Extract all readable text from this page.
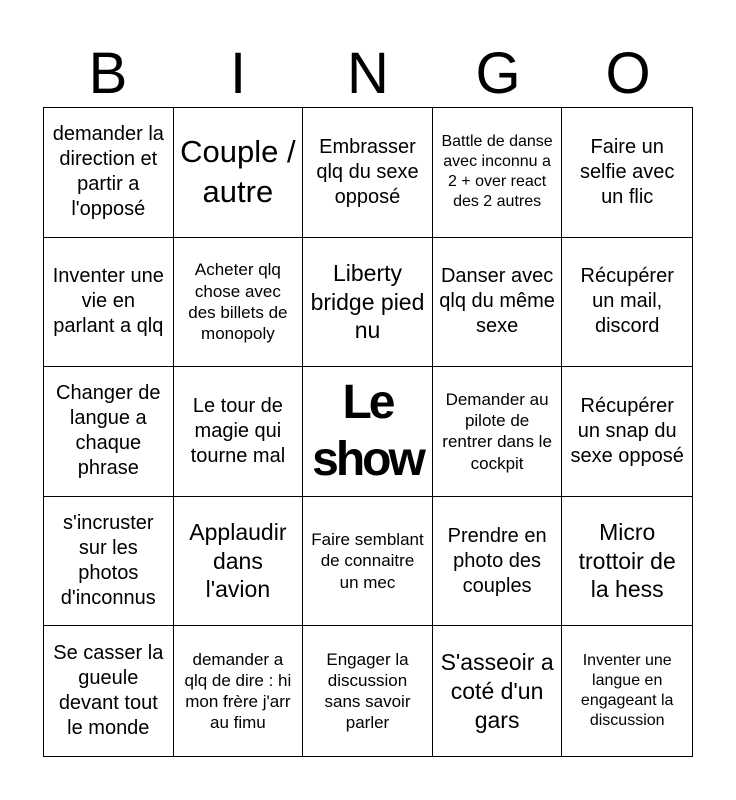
B	I	N	G	O
demander la direction et partir a l'opposé
Couple / autre
Embrasser qlq du sexe opposé
Battle de danse avec inconnu a 2 + over react des 2 autres
Faire un selfie avec un flic
Inventer une vie en parlant a qlq
Acheter qlq chose avec des billets de monopoly
Liberty bridge pied nu
Danser avec qlq du même sexe
Récupérer un mail, discord
Changer de langue a chaque phrase
Le tour de magie qui tourne mal
Le show
Demander au pilote de rentrer dans le cockpit
Récupérer un snap du sexe opposé
s'incruster sur les photos d'inconnus
Applaudir dans l'avion
Faire semblant de connaitre un mec
Prendre en photo des couples
Micro trottoir de la hess
Se casser la gueule devant tout le monde
demander a qlq de dire : hi mon frère j'arr au fimu
Engager la discussion sans savoir parler
S'asseoir a coté d'un gars
Inventer une langue en engageant la discussion
